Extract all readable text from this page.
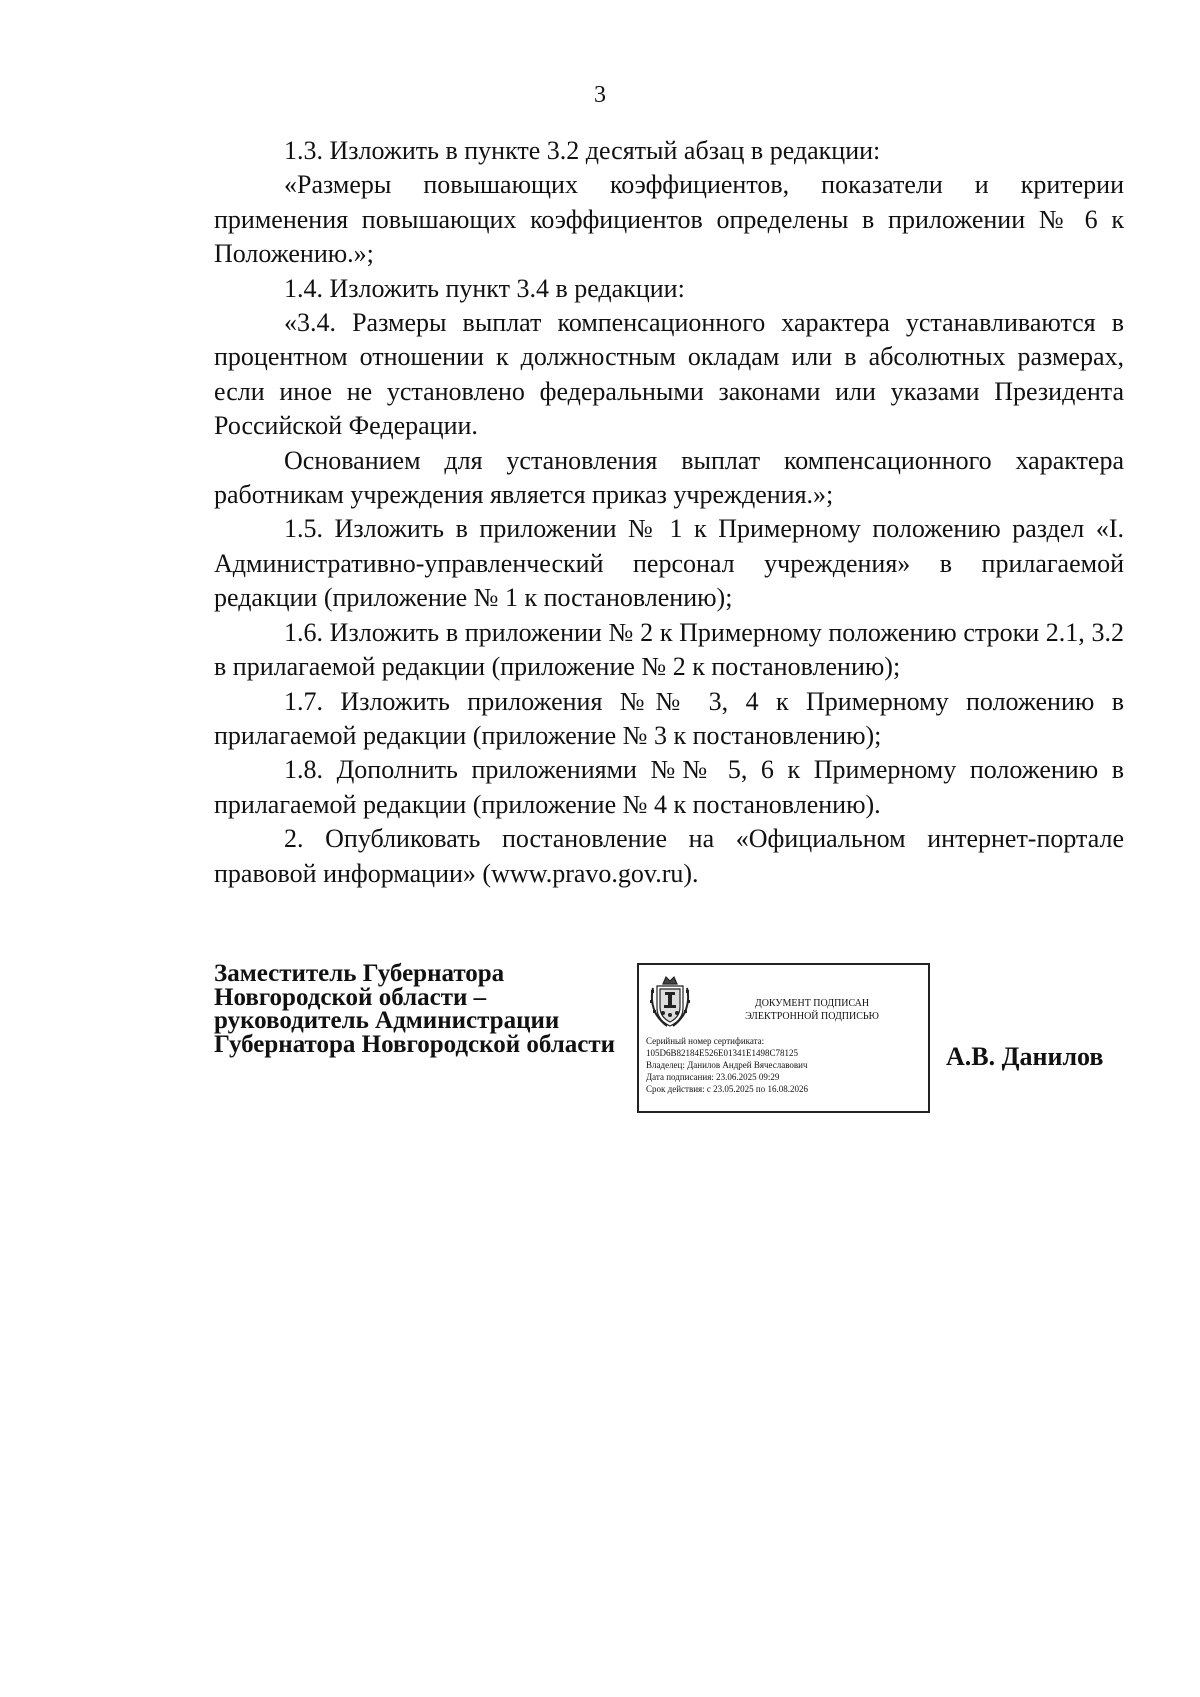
3

1.3. Изложить в пункте 3.2 десятый абзац в редакции:

«Размеры повышающих коэффициентов, показатели и критерии применения повышающих коэффициентов определены в приложении № 6 к Положению.»;

1.4. Изложить пункт 3.4 в редакции:

«3.4. Размеры выплат компенсационного характера устанавливаются в процентном отношении к должностным окладам или в абсолютных размерах, если иное не установлено федеральными законами или указами Президента Российской Федерации.

Основанием для установления выплат компенсационного характера работникам учреждения является приказ учреждения.»;

1.5. Изложить в приложении № 1 к Примерному положению раздел «I. Административно-управленческий персонал учреждения» в прилагаемой редакции (приложение № 1 к постановлению);

1.6. Изложить в приложении № 2 к Примерному положению строки 2.1, 3.2 в прилагаемой редакции (приложение № 2 к постановлению);

1.7. Изложить приложения №№ 3, 4 к Примерному положению в прилагаемой редакции (приложение № 3 к постановлению);

1.8. Дополнить приложениями №№ 5, 6 к Примерному положению в прилагаемой редакции (приложение № 4 к постановлению).

2. Опубликовать постановление на «Официальном интернет-портале правовой информации» (www.pravo.gov.ru).

Заместитель Губернатора
Новгородской области –
руководитель Администрации
Губернатора Новгородской области
ДОКУМЕНТ ПОДПИСАН
ЭЛЕКТРОННОЙ ПОДПИСЬЮ
Серийный номер сертификата:
105D6B82184E526E01341E1498C78125
Владелец: Данилов Андрей Вячеславович
Дата подписания: 23.06.2025 09:29
Срок действия: с 23.05.2025 по 16.08.2026
А.В. Данилов
